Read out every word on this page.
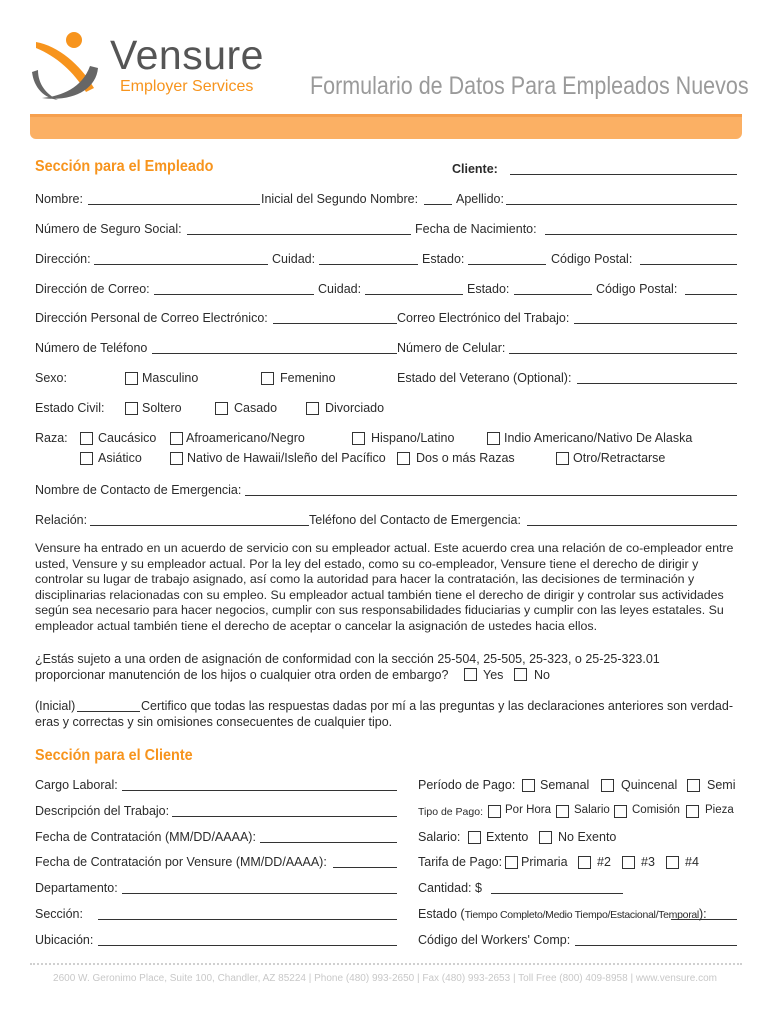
Vensure
Employer Services Formulario de Datos Para Empleados Nuevos
Sección para el Empleado	Cliente:
Nombre:	Inicial del Segundo Nombre:	Apellido:
Número de Seguro Social:	Fecha de Nacimiento:
Dirección:	Cuidad:	Estado:	Código Postal:
Dirección de Correo:	Cuidad:	Estado:	Código Postal:
Dirección Personal de Correo Electrónico:	Correo Electrónico del Trabajo:
Número de Teléfono	Número de Celular:
Sexo:	Masculino	Femenino	Estado del Veterano (Optional):
Estado Civil:	Soltero	Casado	Divorciado
Raza: Caucásico Afroamericano/Negro	Hispano/Latino	Indio Americano/Nativo De Alaska
Asiático	Nativo de Hawaii/Isleño del Pacífico Dos o más Razas	Otro/Retractarse
Nombre de Contacto de Emergencia:
Relación:	Teléfono del Contacto de Emergencia:
Vensure ha entrado en un acuerdo de servicio con su empleador actual. Este acuerdo crea una relación de co-empleador entre usted, Vensure y su empleador actual. Por la ley del estado, como su co-empleador, Vensure tiene el derecho de dirigir y controlar su lugar de trabajo asignado, así como la autoridad para hacer la contratación, las decisiones de terminación y disciplinarias relacionadas con su empleo. Su empleador actual también tiene el derecho de dirigir y controlar sus actividades según sea necesario para hacer negocios, cumplir con sus responsabilidades fiduciarias y cumplir con las leyes estatales. Su empleador actual también tiene el derecho de aceptar o cancelar la asignación de ustedes hacia ellos.
¿Estás sujeto a una orden de asignación de conformidad con la sección 25-504, 25-505, 25-323, o 25-25-323.01
proporcionar manutención de los hijos o cualquier otra orden de embargo?	Yes No
(Inicial)	Certifico que todas las respuestas dadas por mí a las preguntas y las declaraciones anteriores son verdad-
eras y correctas y sin omisiones consecuentes de cualquier tipo.
Sección para el Cliente
Cargo Laboral:
Descripción del Trabajo:
Fecha de Contratación (MM/DD/AAAA):
Fecha de Contratación por Vensure (MM/DD/AAAA):
Departamento:
Sección:
Ubicación:
Período de Pago: Semanal	Quincenal Semi
Tipo de Pago: Por Hora Salario Comisión Pieza
Salario: Extento No Exento
Tarifa de Pago: Primaria #2 #3 #4
Cantidad: $
Estado (Tiempo Completo/Medio Tiempo/Estacional/Temporal):
Código del Workers' Comp:
2600 W. Geronimo Place, Suite 100, Chandler, AZ 85224 | Phone (480) 993-2650 | Fax (480) 993-2653 | Toll Free (800) 409-8958 | www.vensure.com
